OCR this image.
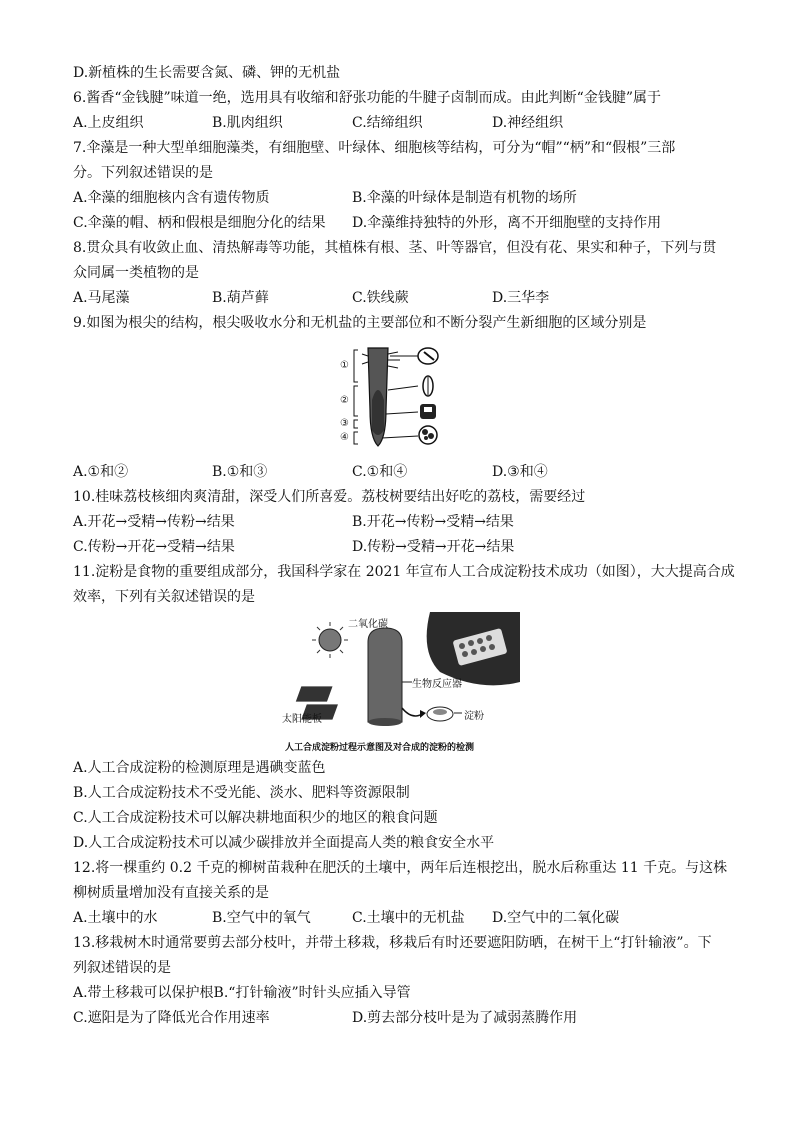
D.新植株的生长需要含氮、磷、钾的无机盐
6.酱香“金钱腱”味道一绝，选用具有收缩和舒张功能的牛腱子卤制而成。由此判断“金钱腱”属于
A.上皮组织	B.肌肉组织	C.结缔组织	D.神经组织
7.伞藻是一种大型单细胞藻类，有细胞壁、叶绿体、细胞核等结构，可分为“帽”“柄”和“假根”三部
分。下列叙述错误的是
A.伞藻的细胞核内含有遗传物质	B.伞藻的叶绿体是制造有机物的场所
C.伞藻的帽、柄和假根是细胞分化的结果 D.伞藻维持独特的外形，离不开细胞壁的支持作用
8.贯众具有收敛止血、清热解毒等功能，其植株有根、茎、叶等器官，但没有花、果实和种子，下列与贯
众同属一类植物的是
A.马尾藻	B.葫芦藓	C.铁线蕨	D.三华李
9.如图为根尖的结构，根尖吸收水分和无机盐的主要部位和不断分裂产生新细胞的区域分别是
①
②
③
④
A.①和②	B.①和③	C.①和④	D.③和④
10.桂味荔枝核细肉爽清甜，深受人们所喜爱。荔枝树要结出好吃的荔枝，需要经过
A.开花→受精→传粉→结果	B.开花→传粉→受精→结果
C.传粉→开花→受精→结果	D.传粉→受精→开花→结果
11.淀粉是食物的重要组成部分，我国科学家在 2021 年宣布人工合成淀粉技术成功（如图），大大提高合成
效率，下列有关叙述错误的是
二氧化碳
生物反应器
太阳能板	淀粉
人工合成淀粉过程示意图及对合成的淀粉的检测
A.人工合成淀粉的检测原理是遇碘变蓝色
B.人工合成淀粉技术不受光能、淡水、肥料等资源限制
C.人工合成淀粉技术可以解决耕地面积少的地区的粮食问题
D.人工合成淀粉技术可以减少碳排放并全面提高人类的粮食安全水平
12.将一棵重约 0.2 千克的柳树苗栽种在肥沃的土壤中，两年后连根挖出，脱水后称重达 11 千克。与这株
柳树质量增加没有直接关系的是
A.土壤中的水	B.空气中的氧气	C.土壤中的无机盐 D.空气中的二氧化碳
13.移栽树木时通常要剪去部分枝叶，并带土移栽，移栽后有时还要遮阳防晒，在树干上“打针输液”。下
列叙述错误的是
A.带土移栽可以保护根B.“打针输液”时针头应插入导管
C.遮阳是为了降低光合作用速率	D.剪去部分枝叶是为了减弱蒸腾作用
